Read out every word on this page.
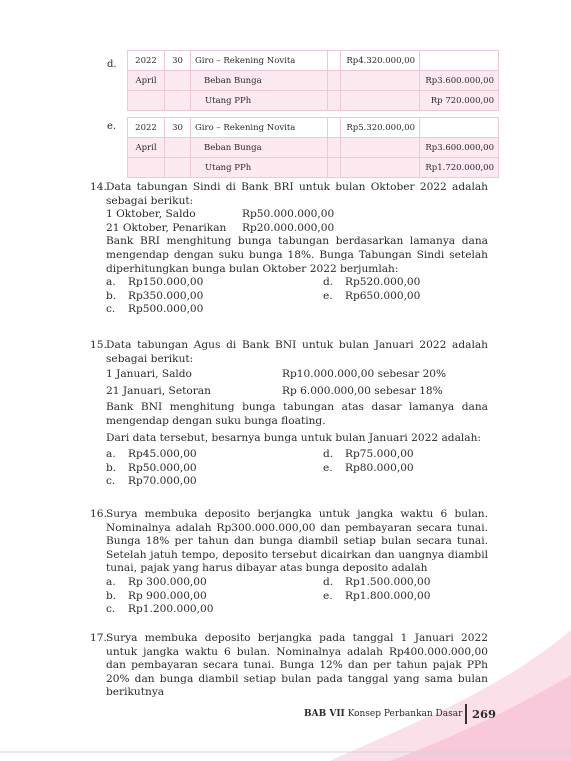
d. 2022	30	Giro – Rekening Novita		Rp4.320.000,00	
April		Beban Bunga			Rp3.600.000,00
		Utang PPh			Rp 720.000,00
e. 2022	30	Giro – Rekening Novita		Rp5.320.000,00	
April		Beban Bunga			Rp3.600.000,00
		Utang PPh			Rp1.720.000,00
14. Data tabungan Sindi di Bank BRI untuk bulan Oktober 2022 adalah sebagai berikut:
1 Oktober, Saldo	Rp50.000.000,00
21 Oktober, Penarikan	Rp20.000.000,00
Bank BRI menghitung bunga tabungan berdasarkan lamanya dana mengendap dengan suku bunga 18%. Bunga Tabungan Sindi setelah diperhitungkan bunga bulan Oktober 2022 berjumlah:
a.	Rp150.000,00	d.	Rp520.000,00
b.	Rp350.000,00	e.	Rp650.000,00
c.	Rp500.000,00
15. Data tabungan Agus di Bank BNI untuk bulan Januari 2022 adalah sebagai berikut:
1 Januari, Saldo	Rp10.000.000,00 sebesar 20%
21 Januari, Setoran	Rp 6.000.000,00 sebesar 18%
Bank BNI menghitung bunga tabungan atas dasar lamanya dana mengendap dengan suku bunga floating.
Dari data tersebut, besarnya bunga untuk bulan Januari 2022 adalah:
a.	Rp45.000,00	d.	Rp75.000,00
b.	Rp50.000,00	e.	Rp80.000,00
c.	Rp70.000,00
16. Surya membuka deposito berjangka untuk jangka waktu 6 bulan. Nominalnya adalah Rp300.000.000,00 dan pembayaran secara tunai. Bunga 18% per tahun dan bunga diambil setiap bulan secara tunai. Setelah jatuh tempo, deposito tersebut dicairkan dan uangnya diambil tunai, pajak yang harus dibayar atas bunga deposito adalah
a.	Rp 300.000,00	d.	Rp1.500.000,00
b.	Rp 900.000,00	e.	Rp1.800.000,00
c.	Rp1.200.000,00
17. Surya membuka deposito berjangka pada tanggal 1 Januari 2022 untuk jangka waktu 6 bulan. Nominalnya adalah Rp400.000.000,00 dan pembayaran secara tunai. Bunga 12% dan per tahun pajak PPh 20% dan bunga diambil setiap bulan pada tanggal yang sama bulan berikutnya
BAB VII Konsep Perbankan Dasar 269
